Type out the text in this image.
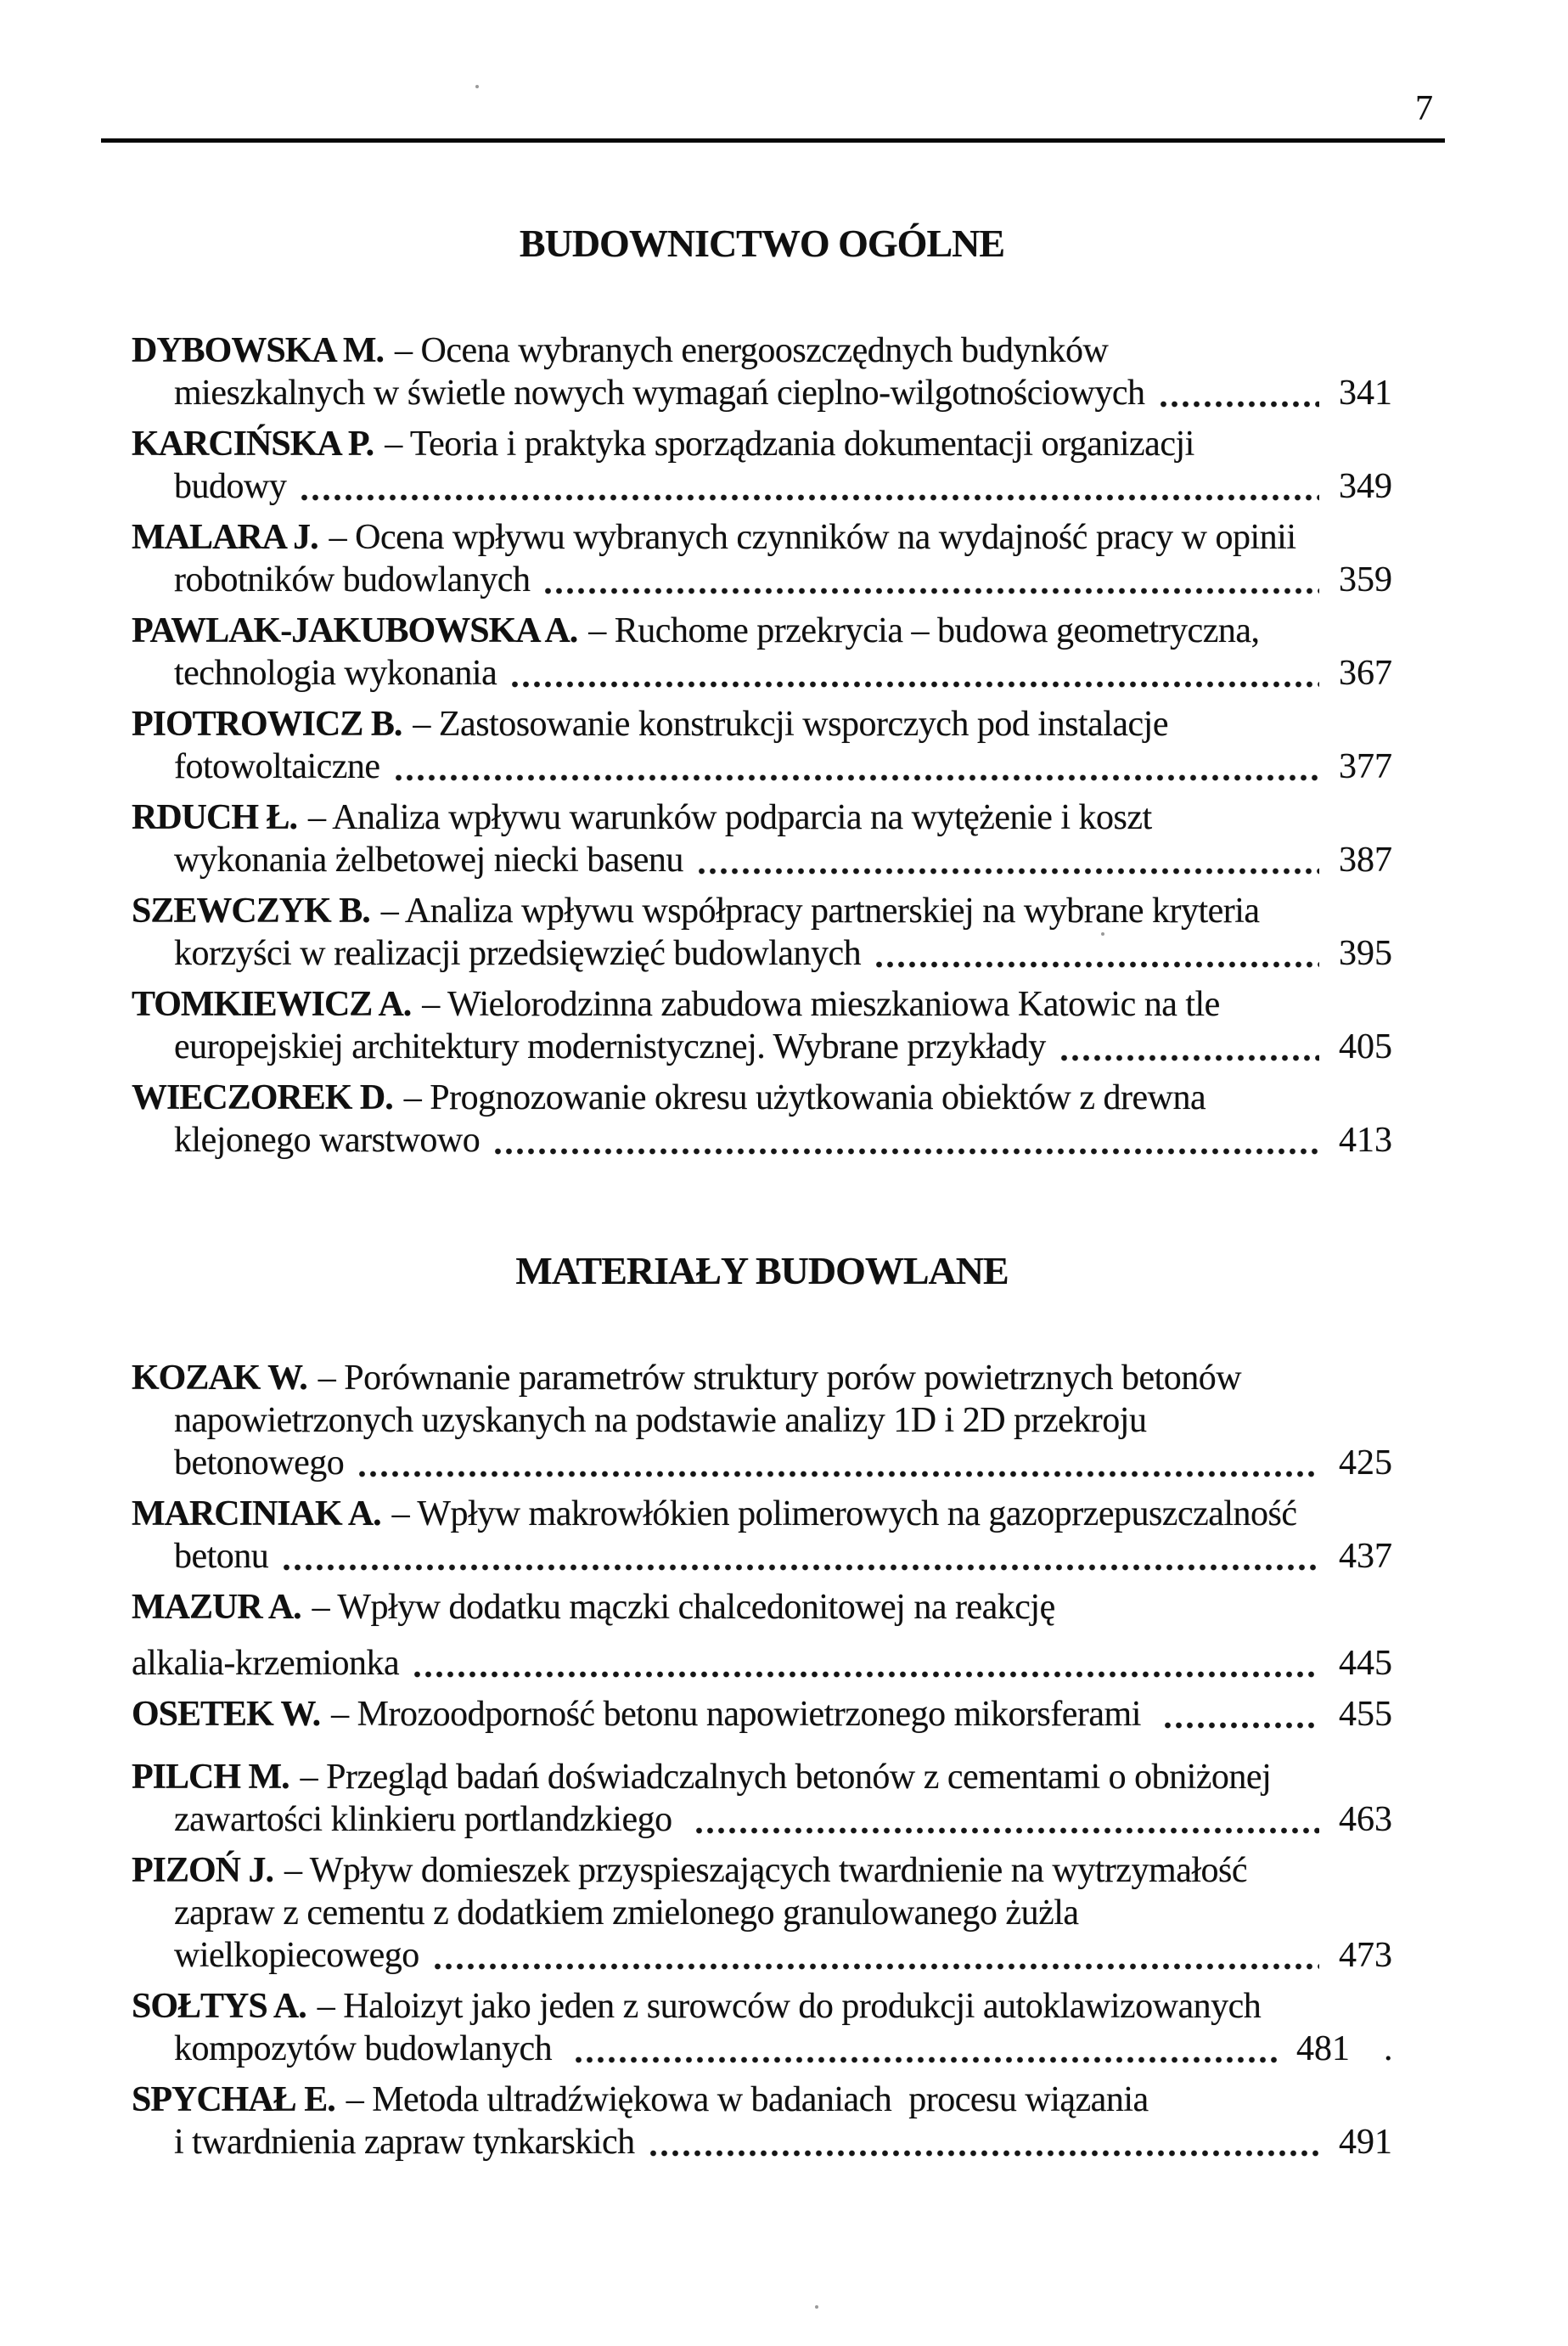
7
BUDOWNICTWO OGÓLNE
DYBOWSKA M. – Ocena wybranych energooszczędnych budynków
mieszkalnych w świetle nowych wymagań cieplno-wilgotnościowych	341
KARCIŃSKA P. – Teoria i praktyka sporządzania dokumentacji organizacji
budowy	349
MALARA J. – Ocena wpływu wybranych czynników na wydajność pracy w opinii
robotników budowlanych	359
PAWLAK-JAKUBOWSKA A. – Ruchome przekrycia – budowa geometryczna,
technologia wykonania	367
PIOTROWICZ B. – Zastosowanie konstrukcji wsporczych pod instalacje
fotowoltaiczne	377
RDUCH Ł. – Analiza wpływu warunków podparcia na wytężenie i koszt
wykonania żelbetowej niecki basenu	387
SZEWCZYK B. – Analiza wpływu współpracy partnerskiej na wybrane kryteria
korzyści w realizacji przedsięwzięć budowlanych	395
TOMKIEWICZ A. – Wielorodzinna zabudowa mieszkaniowa Katowic na tle
europejskiej architektury modernistycznej. Wybrane przykłady	405
WIECZOREK D. – Prognozowanie okresu użytkowania obiektów z drewna
klejonego warstwowo	413
MATERIAŁY BUDOWLANE
KOZAK W. – Porównanie parametrów struktury porów powietrznych betonów
napowietrzonych uzyskanych na podstawie analizy 1D i 2D przekroju
betonowego	425
MARCINIAK A. – Wpływ makrowłókien polimerowych na gazoprzepuszczalność
betonu	437
MAZUR A. – Wpływ dodatku mączki chalcedonitowej na reakcję
alkalia-krzemionka	445
OSETEK W. – Mrozoodporność betonu napowietrzonego mikorsferami	455
PILCH M. – Przegląd badań doświadczalnych betonów z cementami o obniżonej
zawartości klinkieru portlandzkiego	463
PIZOŃ J. – Wpływ domieszek przyspieszających twardnienie na wytrzymałość
zapraw z cementu z dodatkiem zmielonego granulowanego żużla
wielkopiecowego	473
SOŁTYS A. – Haloizyt jako jeden z surowców do produkcji autoklawizowanych
kompozytów budowlanych	481 .
SPYCHAŁ E. – Metoda ultradźwiękowa w badaniach  procesu wiązania
i twardnienia zapraw tynkarskich	491
